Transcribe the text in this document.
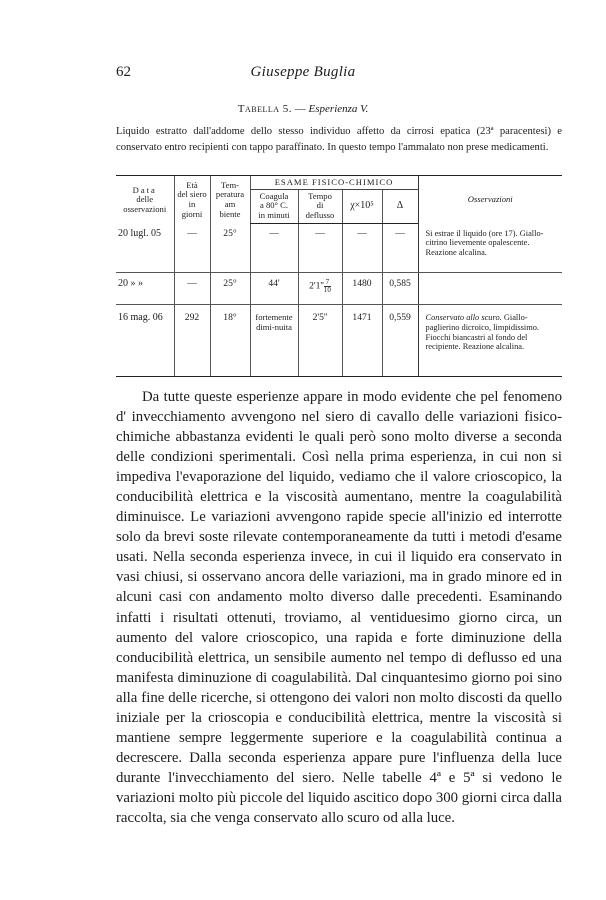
62	Giuseppe Buglia
Tabella 5. — Esperienza V.

Liquido estratto dall'addome dello stesso individuo affetto da cirrosi epatica (23ª paracentesi) e conservato entro recipienti con tappo paraffinato. In questo tempo l'ammalato non prese medicamenti.

Data
delle
osservazioni	Età
del siero
in
giorni	Tem-
peratura
am
biente	ESAME FISICO-CHIMICO				Osservazioni
			Coagula
a 80° C.
in minuti	Tempo
di
deflusso	χ×10⁵	Δ	
20 lugl. 05	—	25°	—	—	—	—	Si estrae il liquido (ore 17). Giallo-citrino lievemente opalescente. Reazione alcalina.
20 » »	—	25°	44'	$2'1'' \frac{7}{10}$	1480	0,585	
16 mag. 06	292	18°	fortemente dimi-nuita	2'5''	1471	0,559	Conservato allo scuro. Giallo-paglierino dicroico, limpidissimo. Fiocchi biancastri al fondo del recipiente. Reazione alcalina.

Da tutte queste esperienze appare in modo evidente che pel fenomeno d' invecchiamento avvengono nel siero di cavallo delle variazioni fisico-chimiche abbastanza evidenti le quali però sono molto diverse a seconda delle condizioni sperimentali. Così nella prima esperienza, in cui non si impediva l'evaporazione del liquido, vediamo che il valore crioscopico, la conducibilità elettrica e la viscosità aumentano, mentre la coagulabilità diminuisce. Le variazioni avvengono rapide specie all'inizio ed interrotte solo da brevi soste rilevate contemporaneamente da tutti i metodi d'esame usati. Nella seconda esperienza invece, in cui il liquido era conservato in vasi chiusi, si osservano ancora delle variazioni, ma in grado minore ed in alcuni casi con andamento molto diverso dalle precedenti. Esaminando infatti i risultati ottenuti, troviamo, al ventiduesimo giorno circa, un aumento del valore crioscopico, una rapida e forte diminuzione della conducibilità elettrica, un sensibile aumento nel tempo di deflusso ed una manifesta diminuzione di coagulabilità. Dal cinquantesimo giorno poi sino alla fine delle ricerche, si ottengono dei valori non molto discosti da quello iniziale per la crioscopia e conducibilità elettrica, mentre la viscosità si mantiene sempre leggermente superiore e la coagulabilità continua a decrescere. Dalla seconda esperienza appare pure l'influenza della luce durante l'invecchiamento del siero. Nelle tabelle 4ª e 5ª si vedono le variazioni molto più piccole del liquido ascitico dopo 300 giorni circa dalla raccolta, sia che venga conservato allo scuro od alla luce.
